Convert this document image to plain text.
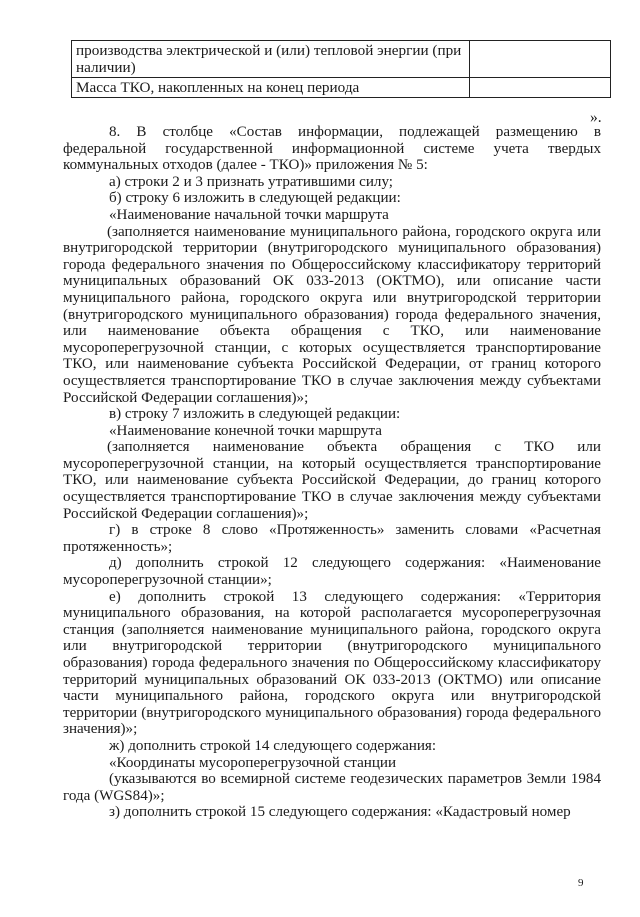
производства электрической и (или) тепловой энергии (при наличии)	
Масса ТКО, накопленных на конец периода	
».

8. В столбце «Состав информации, подлежащей размещению в федеральной государственной информационной системе учета твердых коммунальных отходов (далее - ТКО)» приложения № 5:

а) строки 2 и 3 признать утратившими силу;

б) строку 6 изложить в следующей редакции:

«Наименование начальной точки маршрута

(заполняется наименование муниципального района, городского округа или внутригородской территории (внутригородского муниципального образования) города федерального значения по Общероссийскому классификатору территорий муниципальных образований ОК 033-2013 (ОКТМО), или описание части муниципального района, городского округа или внутригородской территории (внутригородского муниципального образования) города федерального значения, или наименование объекта обращения с ТКО, или наименование мусороперегрузочной станции, с которых осуществляется транспортирование ТКО, или наименование субъекта Российской Федерации, от границ которого осуществляется транспортирование ТКО в случае заключения между субъектами Российской Федерации соглашения)»;

в) строку 7 изложить в следующей редакции:

«Наименование конечной точки маршрута

(заполняется наименование объекта обращения с ТКО или мусороперегрузочной станции, на который осуществляется транспортирование ТКО, или наименование субъекта Российской Федерации, до границ которого осуществляется транспортирование ТКО в случае заключения между субъектами Российской Федерации соглашения)»;

г) в строке 8 слово «Протяженность» заменить словами «Расчетная протяженность»;

д) дополнить строкой 12 следующего содержания: «Наименование мусороперегрузочной станции»;

е) дополнить строкой 13 следующего содержания: «Территория муниципального образования, на которой располагается мусороперегрузочная станция (заполняется наименование муниципального района, городского округа или внутригородской территории (внутригородского муниципального образования) города федерального значения по Общероссийскому классификатору территорий муниципальных образований ОК 033-2013 (ОКТМО) или описание части муниципального района, городского округа или внутригородской территории (внутригородского муниципального образования) города федерального значения)»;

ж) дополнить строкой 14 следующего содержания:

«Координаты мусороперегрузочной станции

(указываются во всемирной системе геодезических параметров Земли 1984 года (WGS84)»;

з) дополнить строкой 15 следующего содержания: «Кадастровый номер

9
